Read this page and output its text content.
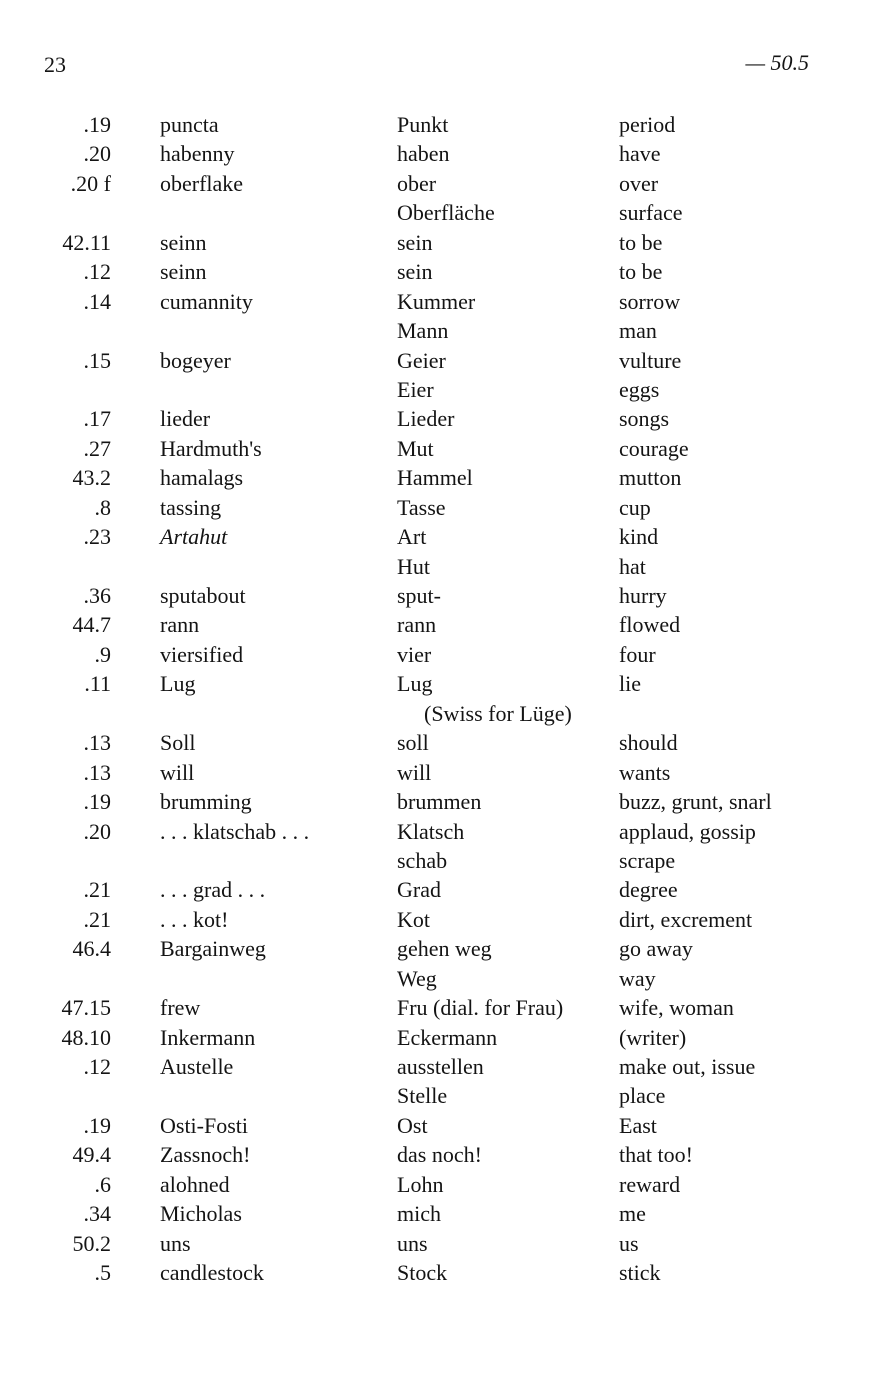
23	— 50.5
.19 puncta	Punkt	period
.20 habenny	haben	have
.20 f oberflake	ober	over
Oberfläche	surface
42.11 seinn	sein	to be
.12 seinn	sein	to be
.14 cumannity	Kummer	sorrow
Mann	man
.15 bogeyer	Geier	vulture
Eier	eggs
.17 lieder	Lieder	songs
.27 Hardmuth's	Mut	courage
43.2 hamalags	Hammel	mutton
.8 tassing	Tasse	cup
.23 Artahut	Art	kind
Hut	hat
.36 sputabout	sput-	hurry
44.7 rann	rann	flowed
.9 viersified	vier	four
.11 Lug	Lug	lie
(Swiss for Lüge)
.13 Soll	soll	should
.13 will	will	wants
.19 brumming	brummen	buzz, grunt, snarl
.20 . . . klatschab . . .	Klatsch	applaud, gossip
schab	scrape
.21 . . . grad . . .	Grad	degree
.21 . . . kot!	Kot	dirt, excrement
46.4 Bargainweg	gehen weg	go away
Weg	way
47.15 frew	Fru (dial. for Frau)	wife, woman
48.10 Inkermann	Eckermann	(writer)
.12 Austelle	ausstellen	make out, issue
Stelle	place
.19 Osti-Fosti	Ost	East
49.4 Zassnoch!	das noch!	that too!
.6 alohned	Lohn	reward
.34 Micholas	mich	me
50.2 uns	uns	us
.5 candlestock	Stock	stick
